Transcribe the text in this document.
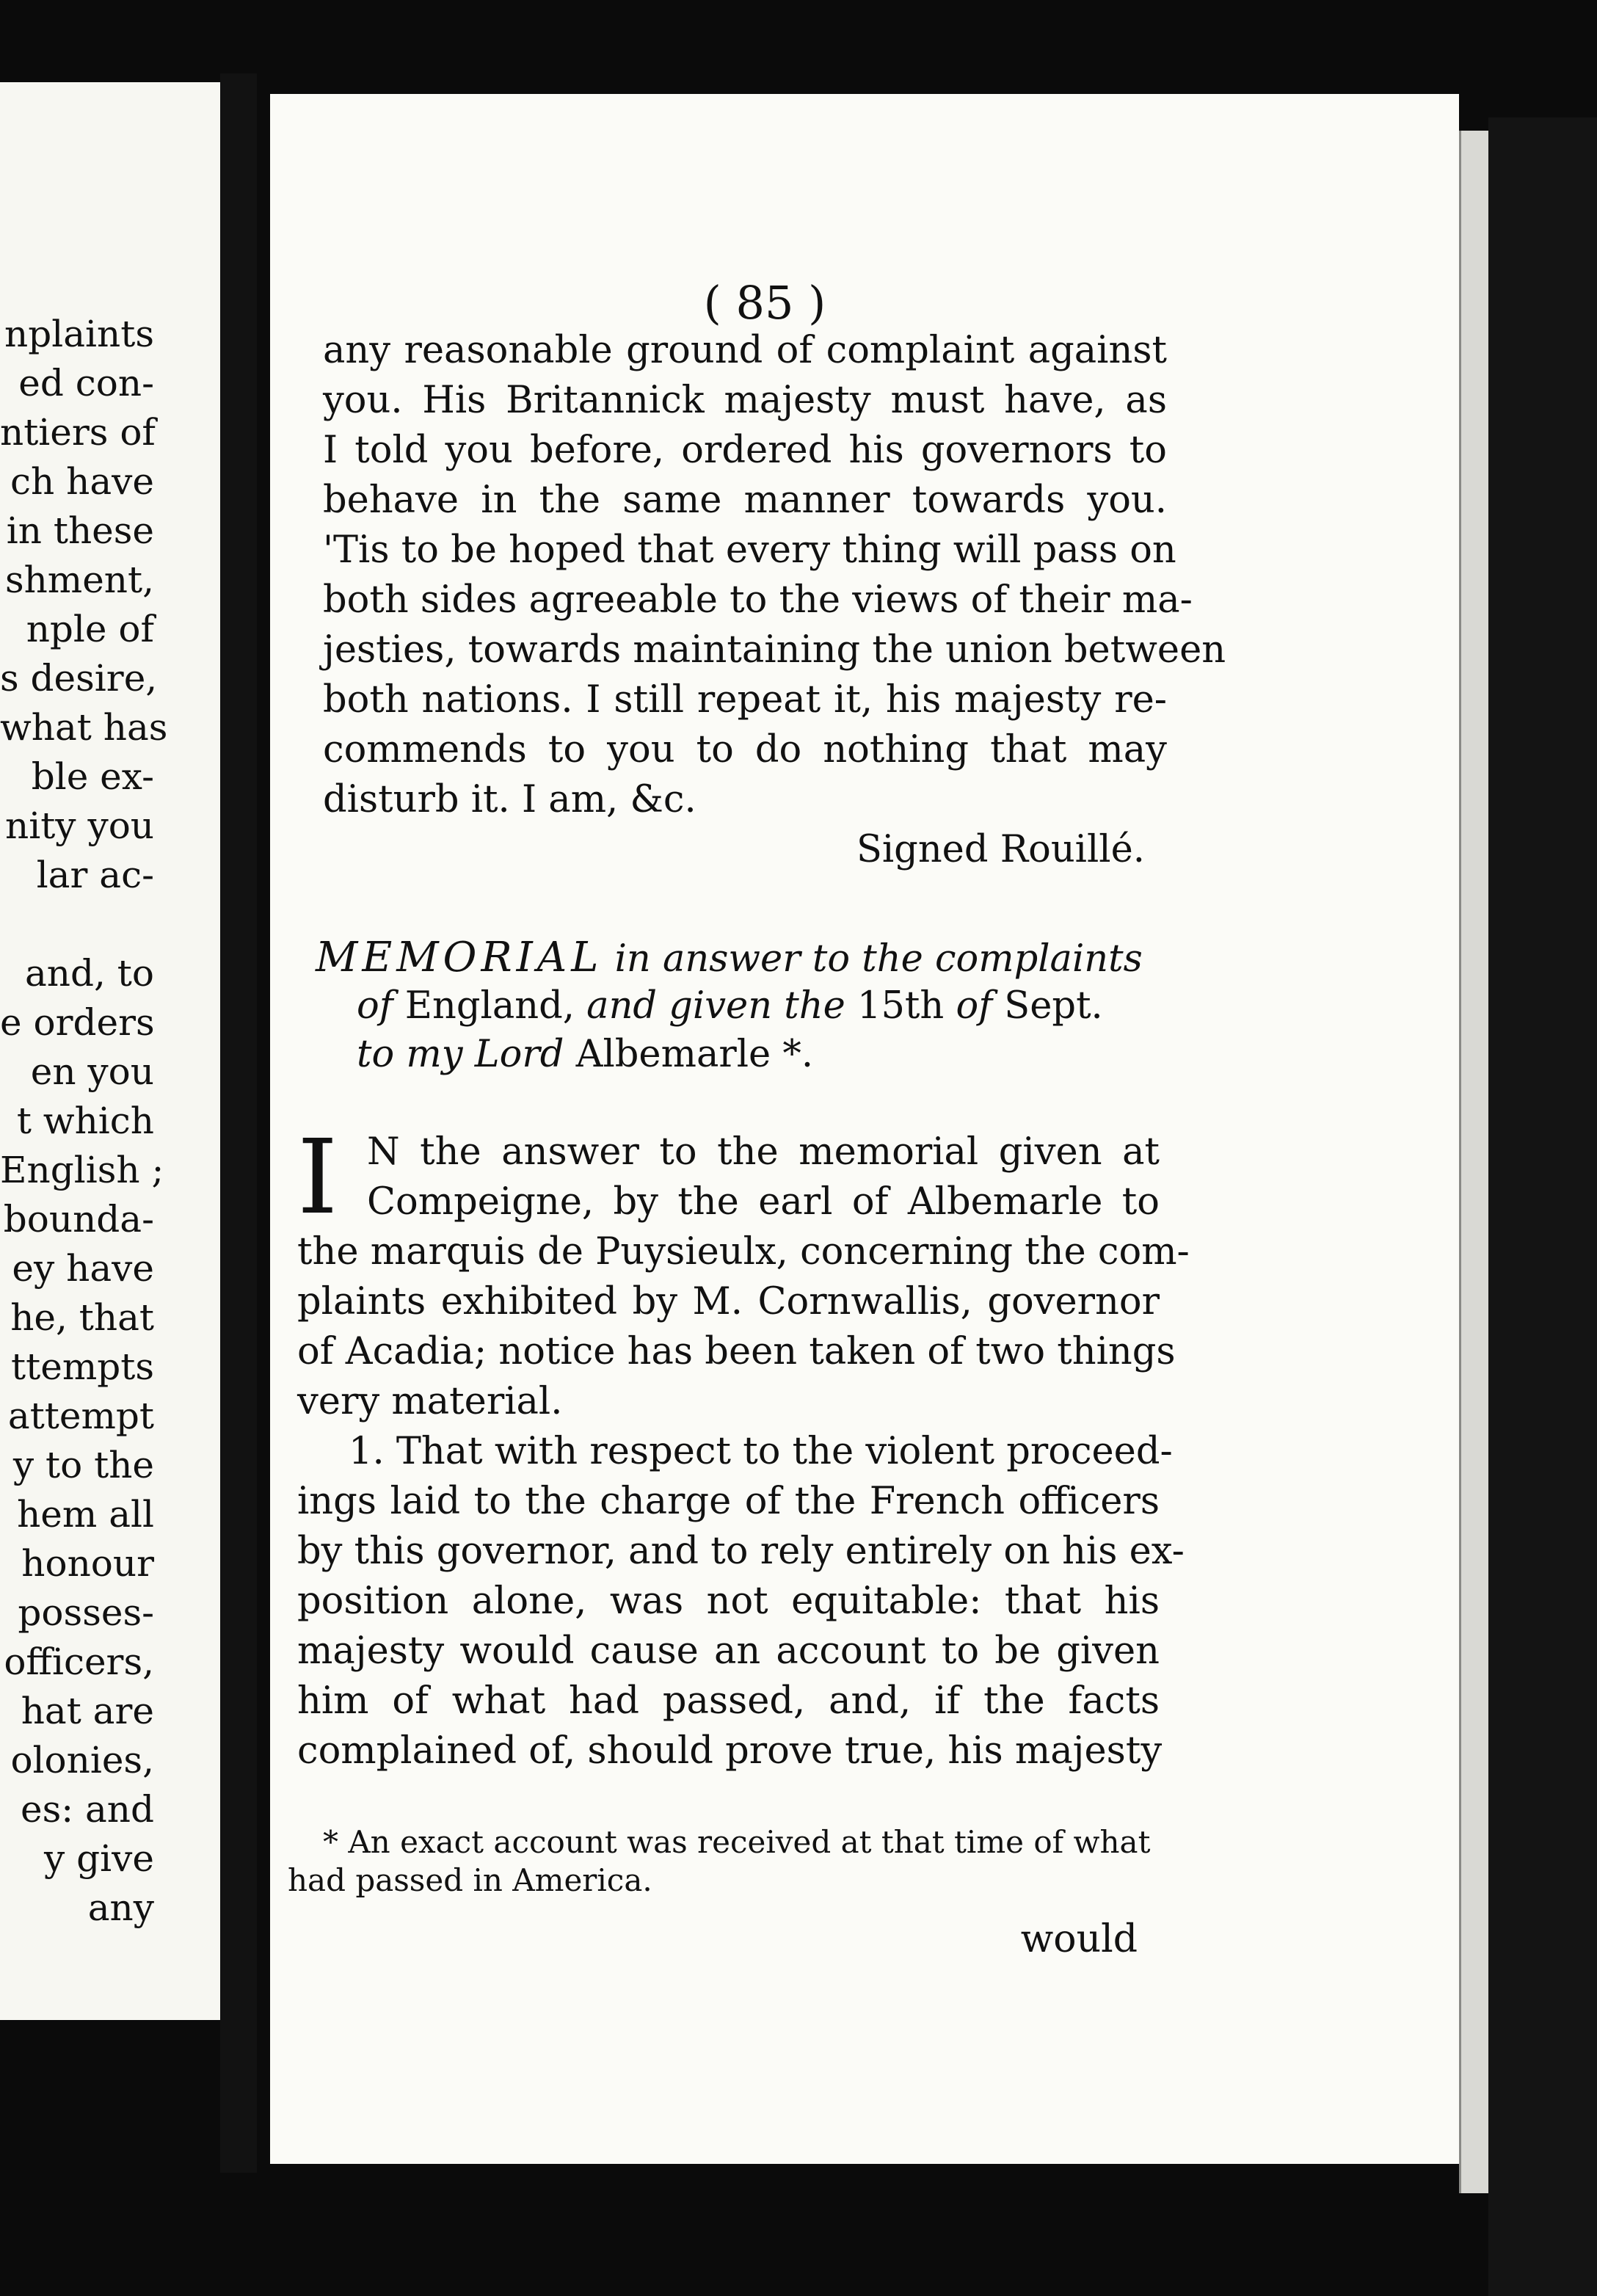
nplaints
ed con-
ntiers of
ch have
in these
shment,
nple of
s desire,
what has
ble ex-
nity you
lar ac-
and, to
e orders
en you
t which
English ;
bounda-
ey have
he, that
ttempts
attempt
y to the
hem all
honour
posses-
officers,
hat are
olonies,
es: and
y give
any
( 85 )
any reasonable ground of complaint against
you. His Britannick majesty must have, as
I told you before, ordered his governors to
behave in the same manner towards you.
'Tis to be hoped that every thing will pass on
both sides agreeable to the views of their ma-
jesties, towards maintaining the union between
both nations. I still repeat it, his majesty re-
commends to you to do nothing that may
disturb it. I am, &c.
Signed Rouillé.
MEMORIAL in answer to the complaints
of England, and given the 15th of Sept.
to my Lord Albemarle *.
I N the answer to the memorial given at
Compeigne, by the earl of Albemarle to
the marquis de Puysieulx, concerning the com-
plaints exhibited by M. Cornwallis, governor
of Acadia; notice has been taken of two things
very material.
1. That with respect to the violent proceed-
ings laid to the charge of the French officers
by this governor, and to rely entirely on his ex-
position alone, was not equitable: that his
majesty would cause an account to be given
him of what had passed, and, if the facts
complained of, should prove true, his majesty
* An exact account was received at that time of what
had passed in America.
would
